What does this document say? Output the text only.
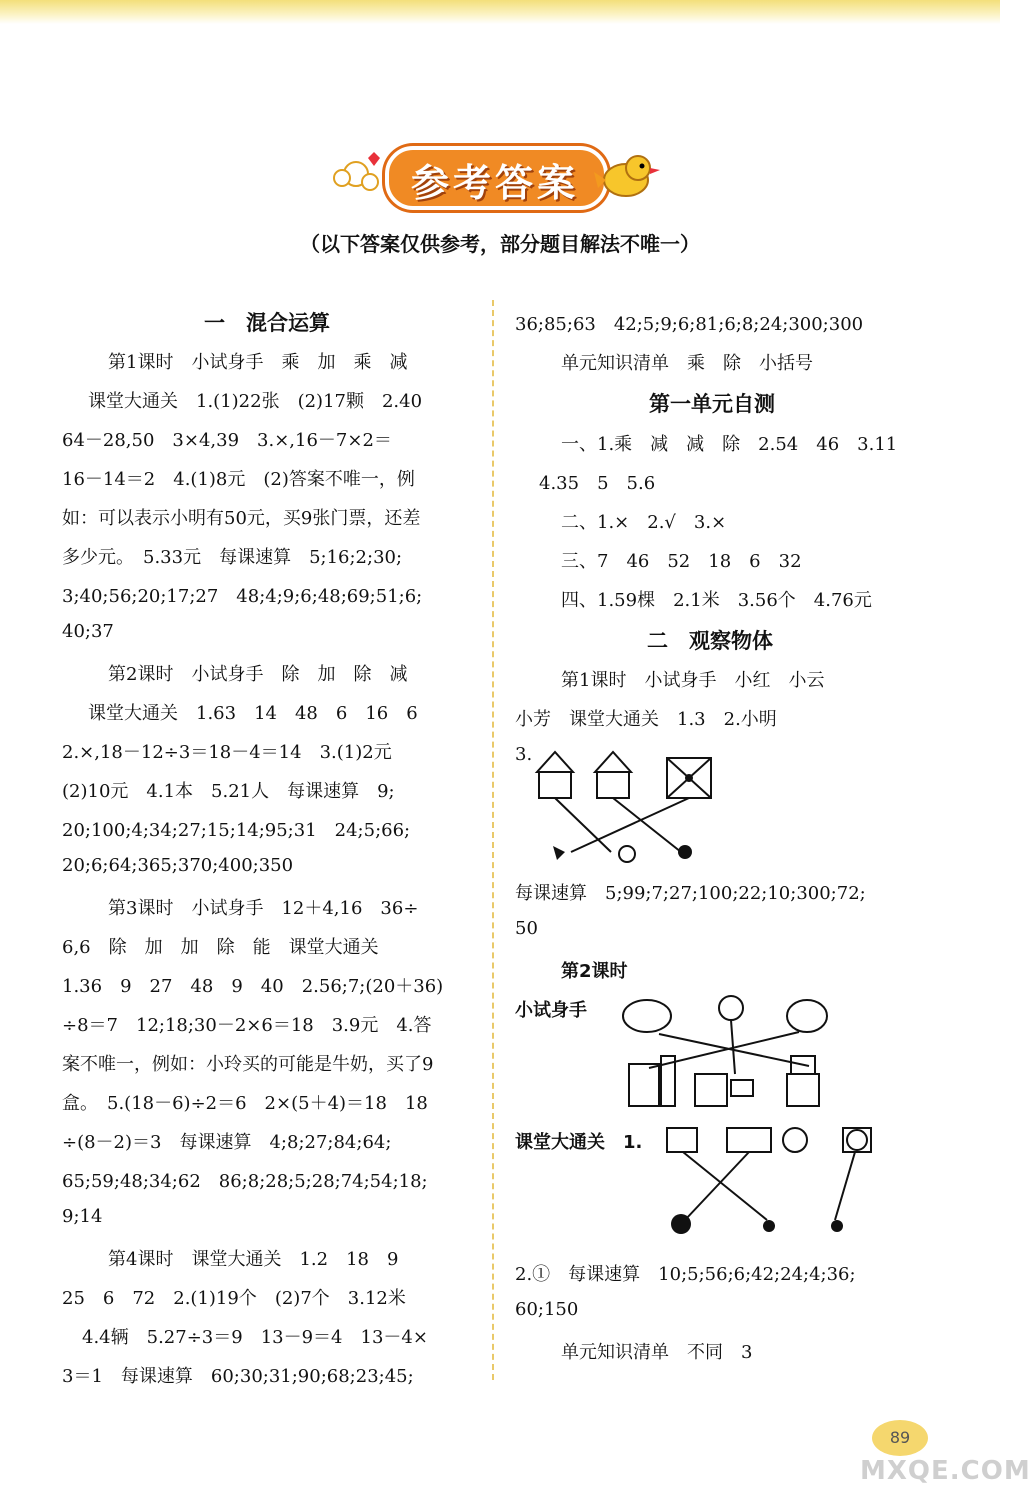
参考答案
（以下答案仅供参考，部分题目解法不唯一）
一　混合运算
第1课时　小试身手　乘　加　乘　减
课堂大通关　1.(1)22张　(2)17颗　2.40
64－28,50　3×4,39　3.×,16－7×2＝
16－14＝2　4.(1)8元　(2)答案不唯一，例
如：可以表示小明有50元，买9张门票，还差
多少元。　5.33元　每课速算　5;16;2;30;
3;40;56;20;17;27　48;4;9;6;48;69;51;6;
40;37
第2课时　小试身手　除　加　除　减
课堂大通关　1.63　14　48　6　16　6
2.×,18－12÷3＝18－4＝14　3.(1)2元
(2)10元　4.1本　5.21人　每课速算　9;
20;100;4;34;27;15;14;95;31　24;5;66;
20;6;64;365;370;400;350
第3课时　小试身手　12＋4,16　36÷
6,6　除　加　加　除　能　课堂大通关
1.36　9　27　48　9　40　2.56;7;(20＋36)
÷8＝7　12;18;30－2×6＝18　3.9元　4.答
案不唯一，例如：小玲买的可能是牛奶，买了9
盒。　5.(18－6)÷2＝6　2×(5＋4)＝18　18
÷(8－2)＝3　每课速算　4;8;27;84;64;
65;59;48;34;62　86;8;28;5;28;74;54;18;
9;14
第4课时　课堂大通关　1.2　18　9
25　6　72　2.(1)19个　(2)7个　3.12米
4.4辆　5.27÷3＝9　13－9＝4　13－4×
3＝1　每课速算　60;30;31;90;68;23;45;
36;85;63　42;5;9;6;81;6;8;24;300;300
单元知识清单　乘　除　小括号
第一单元自测
一、1.乘　减　减　除　2.54　46　3.11
4.35　5　5.6
二、1.×　2.√　3.×
三、7　46　52　18　6　32
四、1.59棵　2.1米　3.56个　4.76元
二　观察物体
第1课时　小试身手　小红　小云
小芳　课堂大通关　1.3　2.小明
3.
每课速算　5;99;7;27;100;22;10;300;72;
50
第2课时
小试身手
课堂大通关　1.
2.①　每课速算　10;5;56;6;42;24;4;36;
60;150
单元知识清单　不同　3
89
MXQE.COM
